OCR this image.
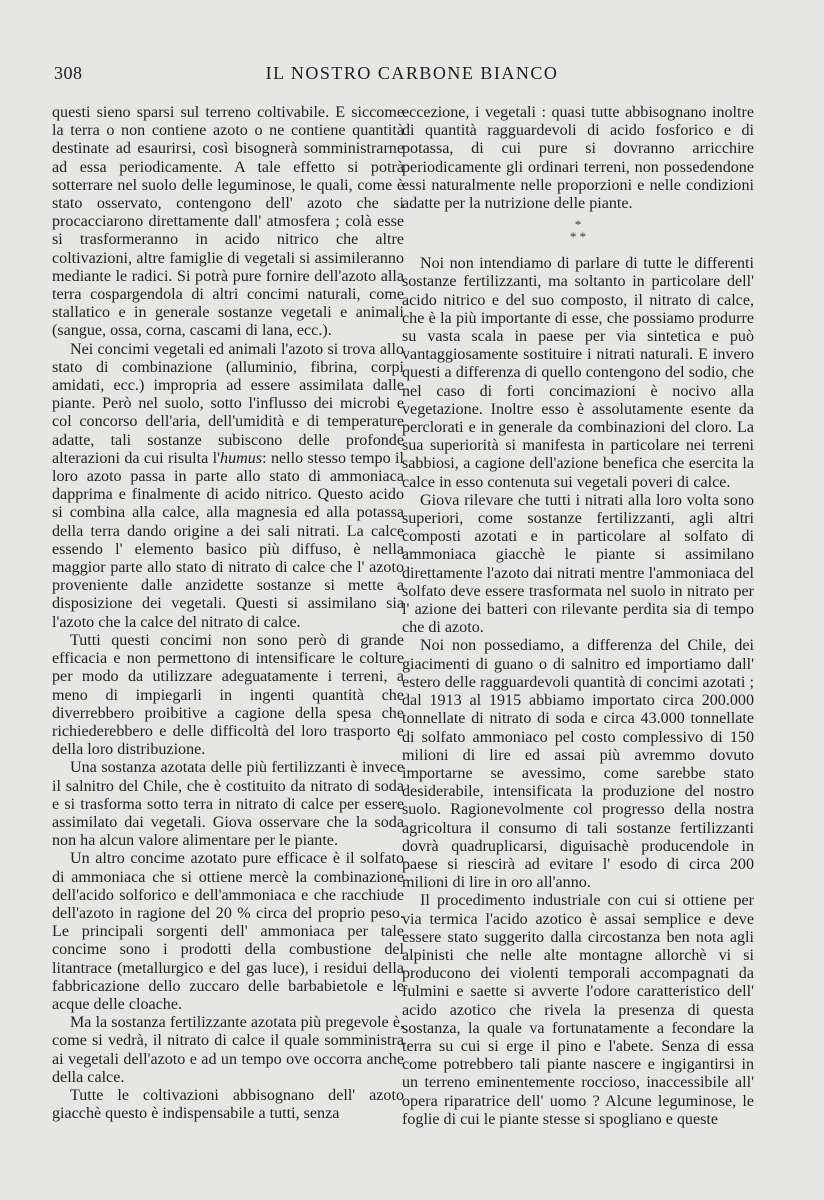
308	IL NOSTRO CARBONE BIANCO

questi sieno sparsi sul terreno coltivabile. E siccome la terra o non contiene azoto o ne contiene quantità destinate ad esaurirsi, così bisognerà somministrarne ad essa periodicamente. A tale effetto si potrà sotterrare nel suolo delle leguminose, le quali, come è stato osservato, contengono dell' azoto che si procacciarono direttamente dall' atmosfera ; colà esse si trasformeranno in acido nitrico che altre coltivazioni, altre famiglie di vegetali si assimileranno mediante le radici. Si potrà pure fornire dell'azoto alla terra cospargendola di altri concimi naturali, come stallatico e in generale sostanze vegetali e animali (sangue, ossa, corna, cascami di lana, ecc.).

Nei concimi vegetali ed animali l'azoto si trova allo stato di combinazione (alluminio, fibrina, corpi amidati, ecc.) impropria ad essere assimilata dalle piante. Però nel suolo, sotto l'influsso dei microbi e col concorso dell'aria, dell'umidità e di temperature adatte, tali sostanze subiscono delle profonde alterazioni da cui risulta l'humus: nello stesso tempo il loro azoto passa in parte allo stato di ammoniaca dapprima e finalmente di acido nitrico. Questo acido si combina alla calce, alla magnesia ed alla potassa della terra dando origine a dei sali nitrati. La calce essendo l' elemento basico più diffuso, è nella maggior parte allo stato di nitrato di calce che l' azoto proveniente dalle anzidette sostanze si mette a disposizione dei vegetali. Questi si assimilano sia l'azoto che la calce del nitrato di calce.

Tutti questi concimi non sono però di grande efficacia e non permettono di intensificare le colture per modo da utilizzare adeguatamente i terreni, a meno di impiegarli in ingenti quantità che diverrebbero proibitive a cagione della spesa che richiederebbero e delle difficoltà del loro trasporto e della loro distribuzione.

Una sostanza azotata delle più fertilizzanti è invece il salnitro del Chile, che è costituito da nitrato di soda e si trasforma sotto terra in nitrato di calce per essere assimilato dai vegetali. Giova osservare che la soda non ha alcun valore alimentare per le piante.

Un altro concime azotato pure efficace è il solfato di ammoniaca che si ottiene mercè la combinazione dell'acido solforico e dell'ammoniaca e che racchiude dell'azoto in ragione del 20 % circa del proprio peso. Le principali sorgenti dell' ammoniaca per tale concime sono i prodotti della combustione del litantrace (metallurgico e del gas luce), i residui della fabbricazione dello zuccaro delle barbabietole e le acque delle cloache.

Ma la sostanza fertilizzante azotata più pregevole è, come si vedrà, il nitrato di calce il quale somministra ai vegetali dell'azoto e ad un tempo ove occorra anche della calce.

Tutte le coltivazioni abbisognano dell' azoto giacchè questo è indispensabile a tutti, senza

eccezione, i vegetali : quasi tutte abbisognano inoltre di quantità ragguardevoli di acido fosforico e di potassa, di cui pure si dovranno arricchire periodicamente gli ordinari terreni, non possedendone essi naturalmente nelle proporzioni e nelle condizioni adatte per la nutrizione delle piante.

*
* *

Noi non intendiamo di parlare di tutte le differenti sostanze fertilizzanti, ma soltanto in particolare dell' acido nitrico e del suo composto, il nitrato di calce, che è la più importante di esse, che possiamo produrre su vasta scala in paese per via sintetica e può vantaggiosamente sostituire i nitrati naturali. E invero questi a differenza di quello contengono del sodio, che nel caso di forti concimazioni è nocivo alla vegetazione. Inoltre esso è assolutamente esente da perclorati e in generale da combinazioni del cloro. La sua superiorità si manifesta in particolare nei terreni sabbiosi, a cagione dell'azione benefica che esercita la calce in esso contenuta sui vegetali poveri di calce.

Giova rilevare che tutti i nitrati alla loro volta sono superiori, come sostanze fertilizzanti, agli altri composti azotati e in particolare al solfato di ammoniaca giacchè le piante si assimilano direttamente l'azoto dai nitrati mentre l'ammoniaca del solfato deve essere trasformata nel suolo in nitrato per l' azione dei batteri con rilevante perdita sia di tempo che di azoto.

Noi non possediamo, a differenza del Chile, dei giacimenti di guano o di salnitro ed importiamo dall' estero delle ragguardevoli quantità di concimi azotati ; dal 1913 al 1915 abbiamo importato circa 200.000 tonnellate di nitrato di soda e circa 43.000 tonnellate di solfato ammoniaco pel costo complessivo di 150 milioni di lire ed assai più avremmo dovuto importarne se avessimo, come sarebbe stato desiderabile, intensificata la produzione del nostro suolo. Ragionevolmente col progresso della nostra agricoltura il consumo di tali sostanze fertilizzanti dovrà quadruplicarsi, diguisachè producendole in paese si riescirà ad evitare l' esodo di circa 200 milioni di lire in oro all'anno.

Il procedimento industriale con cui si ottiene per via termica l'acido azotico è assai semplice e deve essere stato suggerito dalla circostanza ben nota agli alpinisti che nelle alte montagne allorchè vi si producono dei violenti temporali accompagnati da fulmini e saette si avverte l'odore caratteristico dell' acido azotico che rivela la presenza di questa sostanza, la quale va fortunatamente a fecondare la terra su cui si erge il pino e l'abete. Senza di essa come potrebbero tali piante nascere e ingigantirsi in un terreno eminentemente roccioso, inaccessibile all' opera riparatrice dell' uomo ? Alcune leguminose, le foglie di cui le piante stesse si spogliano e queste
